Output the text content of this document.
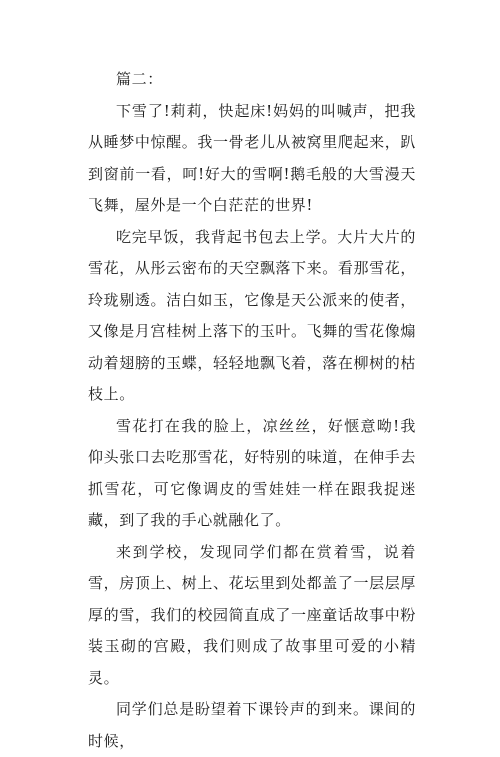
篇二：

下雪了!莉莉，快起床!妈妈的叫喊声，把我从睡梦中惊醒。我一骨老儿从被窝里爬起来，趴到窗前一看，呵!好大的雪啊!鹅毛般的大雪漫天飞舞，屋外是一个白茫茫的世界!

吃完早饭，我背起书包去上学。大片大片的雪花，从彤云密布的天空飘落下来。看那雪花，玲珑剔透。洁白如玉，它像是天公派来的使者，又像是月宫桂树上落下的玉叶。飞舞的雪花像煽动着翅膀的玉蝶，轻轻地飘飞着，落在柳树的枯枝上。

雪花打在我的脸上，凉丝丝，好惬意呦!我仰头张口去吃那雪花，好特别的味道，在伸手去抓雪花，可它像调皮的雪娃娃一样在跟我捉迷藏，到了我的手心就融化了。

来到学校，发现同学们都在赏着雪，说着雪，房顶上、树上、花坛里到处都盖了一层层厚厚的雪，我们的校园简直成了一座童话故事中粉装玉砌的宫殿，我们则成了故事里可爱的小精灵。

同学们总是盼望着下课铃声的到来。课间的时候，
